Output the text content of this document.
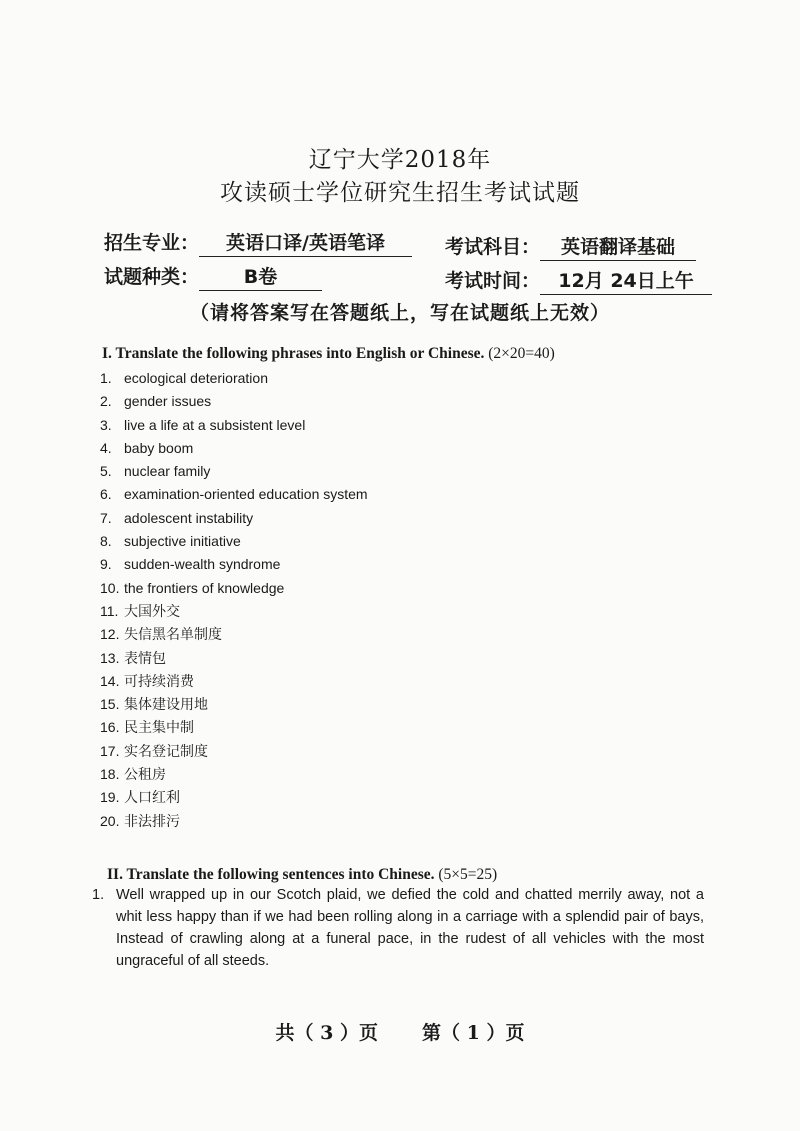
辽宁大学2018年
攻读硕士学位研究生招生考试试题
招生专业： 英语口译/英语笔译	考试科目： 英语翻译基础
试题种类： B卷	考试时间： 12月 24日上午
（请将答案写在答题纸上，写在试题纸上无效）
I. Translate the following phrases into English or Chinese. (2×20=40)
1. ecological deterioration
2. gender issues
3. live a life at a subsistent level
4. baby boom
5. nuclear family
6. examination-oriented education system
7. adolescent instability
8. subjective initiative
9. sudden-wealth syndrome
10. the frontiers of knowledge
11. 大国外交
12. 失信黑名单制度
13. 表情包
14. 可持续消费
15. 集体建设用地
16. 民主集中制
17. 实名登记制度
18. 公租房
19. 人口红利
20. 非法排污
II. Translate the following sentences into Chinese. (5×5=25)
1. Well wrapped up in our Scotch plaid, we defied the cold and chatted merrily away, not a whit less happy than if we had been rolling along in a carriage with a splendid pair of bays, Instead of crawling along at a funeral pace, in the rudest of all vehicles with the most ungraceful of all steeds.
共（ 3 ）页 第（ 1 ）页
